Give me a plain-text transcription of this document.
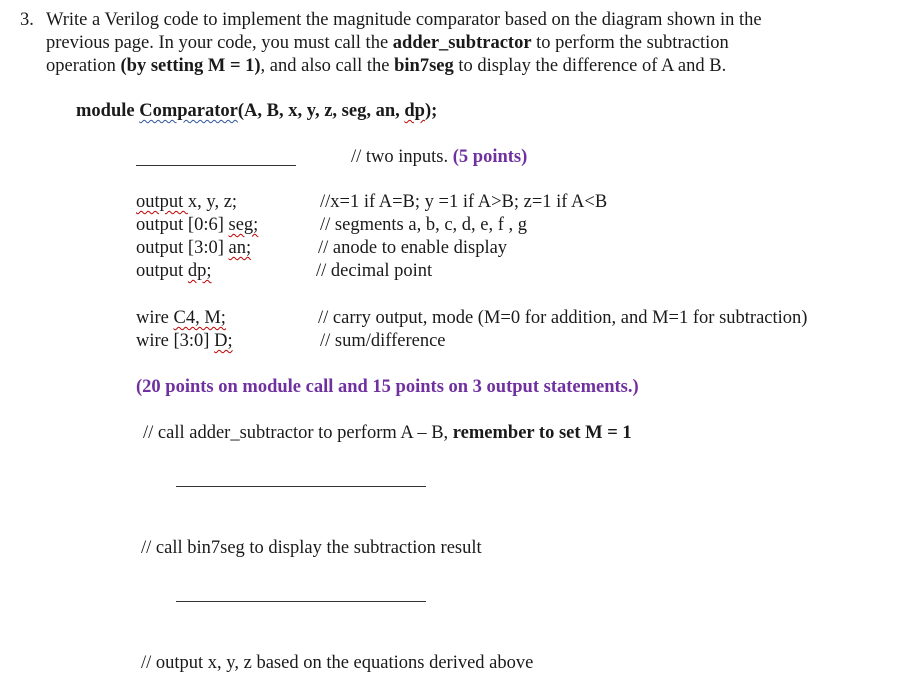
3. Write a Verilog code to implement the magnitude comparator based on the diagram shown in the
previous page. In your code, you must call the adder_subtractor to perform the subtraction
operation (by setting M = 1), and also call the bin7seg to display the difference of A and B.
module Comparator(A, B, x, y, z, seg, an, dp);
// two inputs. (5 points)
output x, y, z;	//x=1 if A=B; y =1 if A>B; z=1 if A<B
output [0:6] seg;	// segments a, b, c, d, e, f , g
output [3:0] an;	// anode to enable display
output dp;	// decimal point
wire C4, M;	// carry output, mode (M=0 for addition, and M=1 for subtraction)
wire [3:0] D;	// sum/difference
(20 points on module call and 15 points on 3 output statements.)
// call adder_subtractor to perform A – B, remember to set M = 1
// call bin7seg to display the subtraction result
// output x, y, z based on the equations derived above
